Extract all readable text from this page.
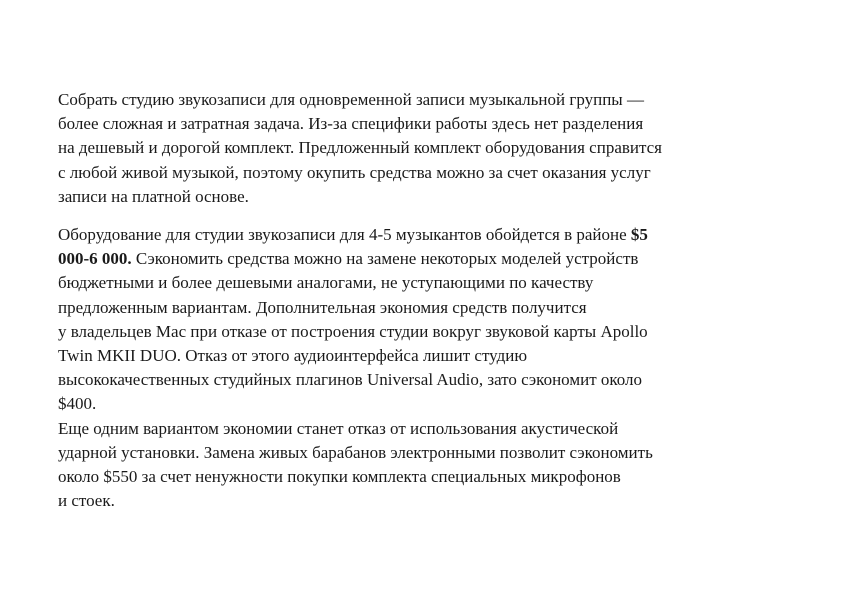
Собрать студию звукозаписи для одновременной записи музыкальной группы —
более сложная и затратная задача. Из-за специфики работы здесь нет разделения
на дешевый и дорогой комплект. Предложенный комплект оборудования справится
с любой живой музыкой, поэтому окупить средства можно за счет оказания услуг
записи на платной основе.
Оборудование для студии звукозаписи для 4-5 музыкантов обойдется в районе $5
000-6 000. Сэкономить средства можно на замене некоторых моделей устройств
бюджетными и более дешевыми аналогами, не уступающими по качеству
предложенным вариантам. Дополнительная экономия средств получится
у владельцев Mac при отказе от построения студии вокруг звуковой карты Apollo
Twin MKII DUO. Отказ от этого аудиоинтерфейса лишит студию
высококачественных студийных плагинов Universal Audio, зато сэкономит около
$400.
Еще одним вариантом экономии станет отказ от использования акустической
ударной установки. Замена живых барабанов электронными позволит сэкономить
около $550 за счет ненужности покупки комплекта специальных микрофонов
и стоек.
